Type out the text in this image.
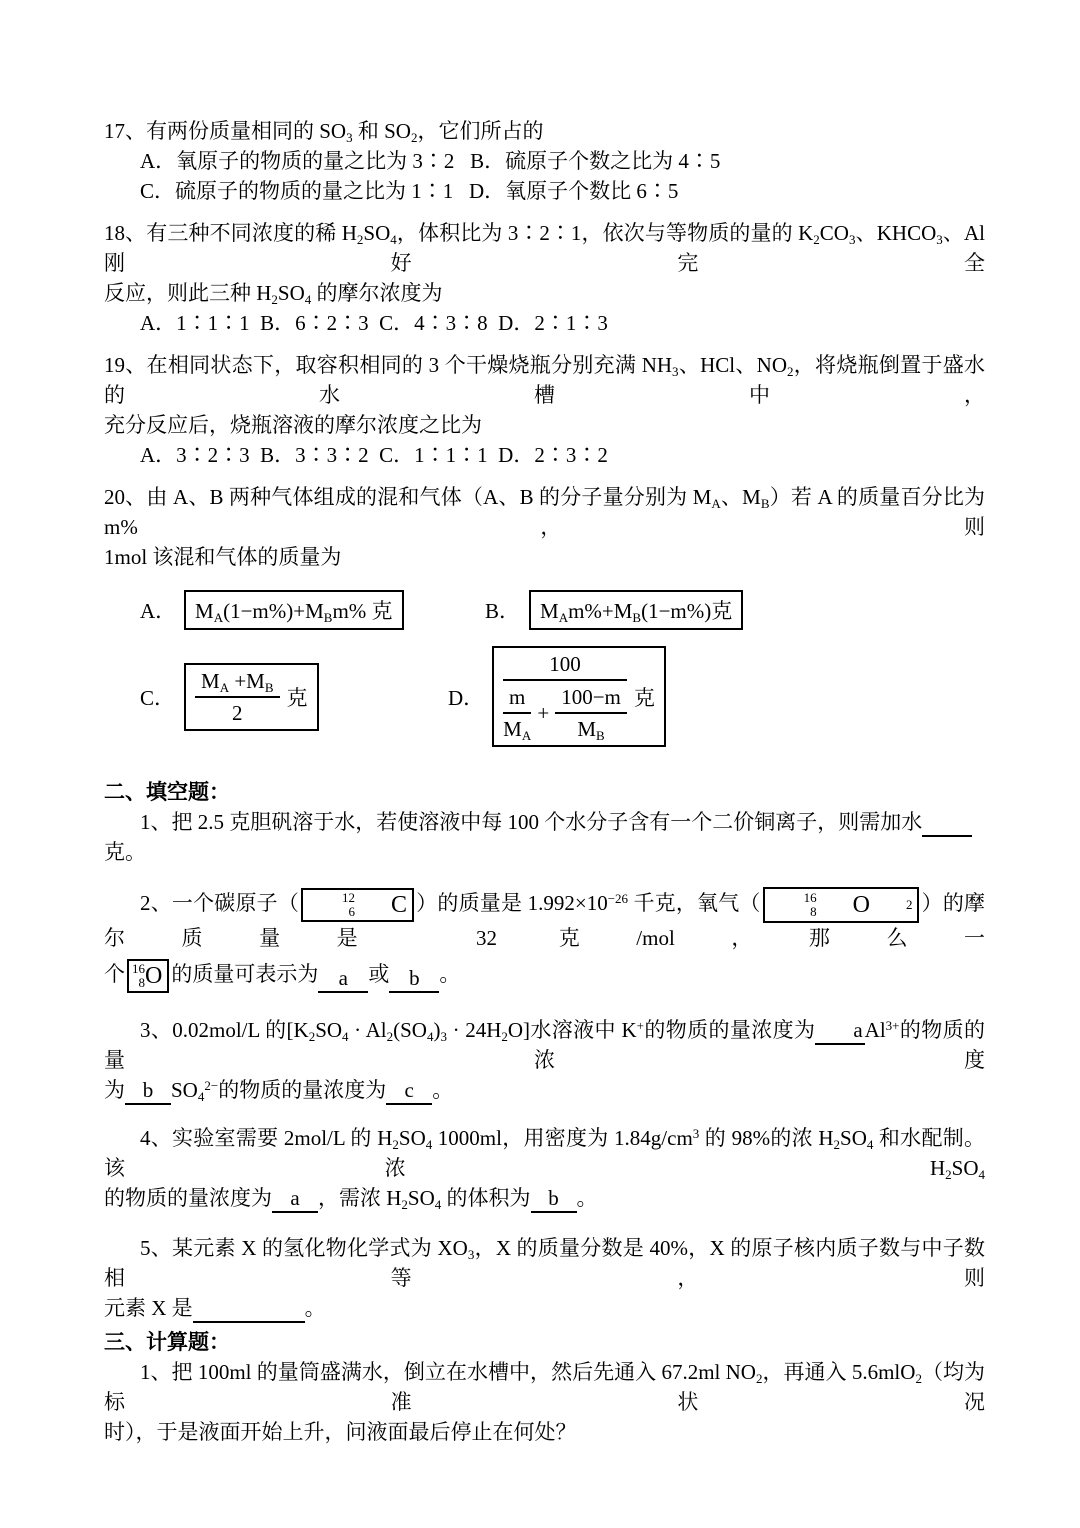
17、有两份质量相同的 $SO_3$ 和 $SO_2$，它们所占的
A．氧原子的物质的量之比为 3∶2   B．硫原子个数之比为 4∶5
C．硫原子的物质的量之比为 1∶1   D．氧原子个数比 6∶5
18、有三种不同浓度的稀 $H_2SO_4$，体积比为 3∶2∶1，依次与等物质的量的 $K_2CO_3$、$KHCO_3$、Al 刚好完全
反应，则此三种 $H_2SO_4$ 的摩尔浓度为
A．1∶1∶1  B．6∶2∶3  C．4∶3∶8  D．2∶1∶3
19、在相同状态下，取容积相同的 3 个干燥烧瓶分别充满 $NH_3$、HCl、$NO_2$，将烧瓶倒置于盛水的水槽中，
充分反应后，烧瓶溶液的摩尔浓度之比为
A．3∶2∶3  B．3∶3∶2  C．1∶1∶1  D．2∶3∶2
20、由 A、B 两种气体组成的混和气体（A、B 的分子量分别为 $M_A$、$M_B$）若 A 的质量百分比为 m%，则
1mol 该混和气体的质量为
A． $M_A(1-m\%)+M_Bm\%$ 克	B． $M_Am\%+M_B(1-m\%)$克
C． $\frac{M_A +M_B}{2}$ 克	D．
100
$\frac{m}{M_A} + \frac{100-m}{M_B}$ 克
二、填空题：
1、把 2.5 克胆矾溶于水，若使溶液中每 100 个水分子含有一个二价铜离子，则需加水克。
2、一个碳原子（	12
6	C ）的质量是 $1.992\times 10^{-26}$ 千克，氧气（	16
8	O	2 ）的摩尔质量是 32 克/mol，那么一
个 16
8 O 的质量可表示为 a 或 b 。
3、0.02mol/L 的$[K_2SO_4 \cdot Al_2(SO_4)_3 \cdot 24H_2O]$水溶液中 K+的物质的量浓度为 aAl$^{3+}$的物质的量浓度
为 b $SO_4^{2-}$的物质的量浓度为 c 。
4、实验室需要 2mol/L 的 $H_2SO_4$ 1000ml，用密度为 $1.84g/cm^3$ 的 98%的浓 $H_2SO_4$ 和水配制。该浓 $H_2SO_4$
的物质的量浓度为 a ，需浓 $H_2SO_4$ 的体积为 b 。
5、某元素 X 的氢化物化学式为 $XO_3$，X 的质量分数是 40%，X 的原子核内质子数与中子数相等，则
元素 X 是	。
三、计算题：
1、把 100ml 的量筒盛满水，倒立在水槽中，然后先通入 67.2ml $NO_2$，再通入 5.6mlO$_2$（均为标准状况
时），于是液面开始上升，问液面最后停止在何处？
